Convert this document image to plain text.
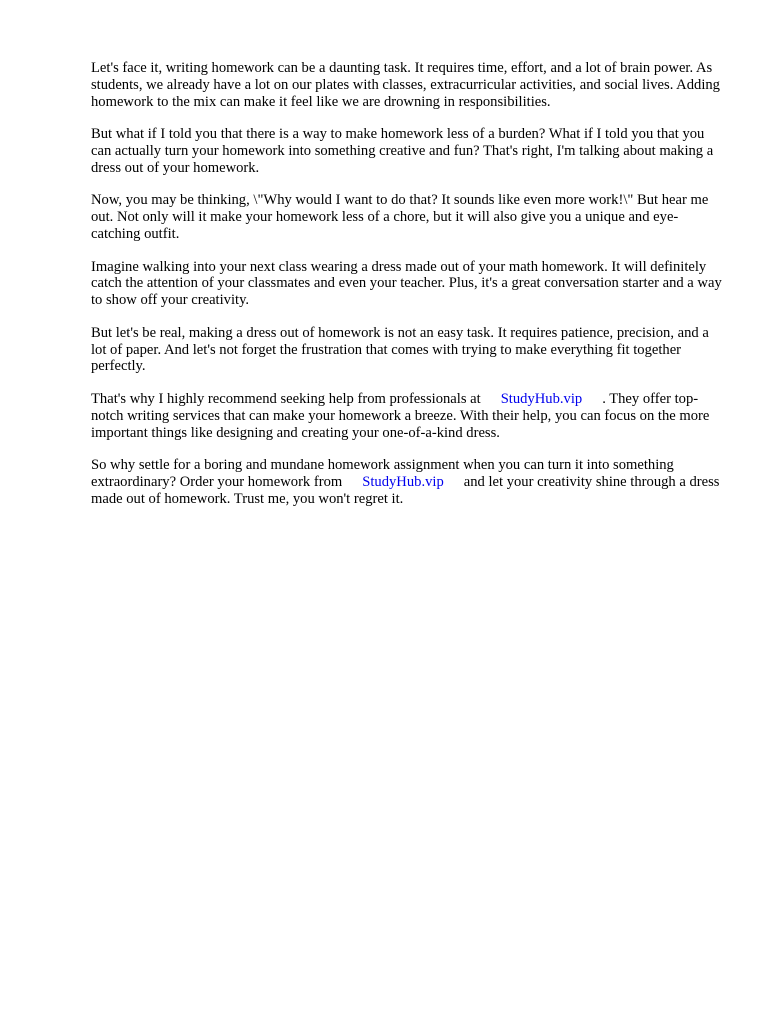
Let's face it, writing homework can be a daunting task. It requires time, effort, and a lot of brain power. As students, we already have a lot on our plates with classes, extracurricular activities, and social lives. Adding homework to the mix can make it feel like we are drowning in responsibilities.

But what if I told you that there is a way to make homework less of a burden? What if I told you that you can actually turn your homework into something creative and fun? That's right, I'm talking about making a dress out of your homework.

Now, you may be thinking, \"Why would I want to do that? It sounds like even more work!\" But hear me out. Not only will it make your homework less of a chore, but it will also give you a unique and eye-catching outfit.

Imagine walking into your next class wearing a dress made out of your math homework. It will definitely catch the attention of your classmates and even your teacher. Plus, it's a great conversation starter and a way to show off your creativity.

But let's be real, making a dress out of homework is not an easy task. It requires patience, precision, and a lot of paper. And let's not forget the frustration that comes with trying to make everything fit together perfectly.

That's why I highly recommend seeking help from professionals at StudyHub.vip . They offer top-notch writing services that can make your homework a breeze. With their help, you can focus on the more important things like designing and creating your one-of-a-kind dress.

So why settle for a boring and mundane homework assignment when you can turn it into something extraordinary? Order your homework from StudyHub.vip and let your creativity shine through a dress made out of homework. Trust me, you won't regret it.
